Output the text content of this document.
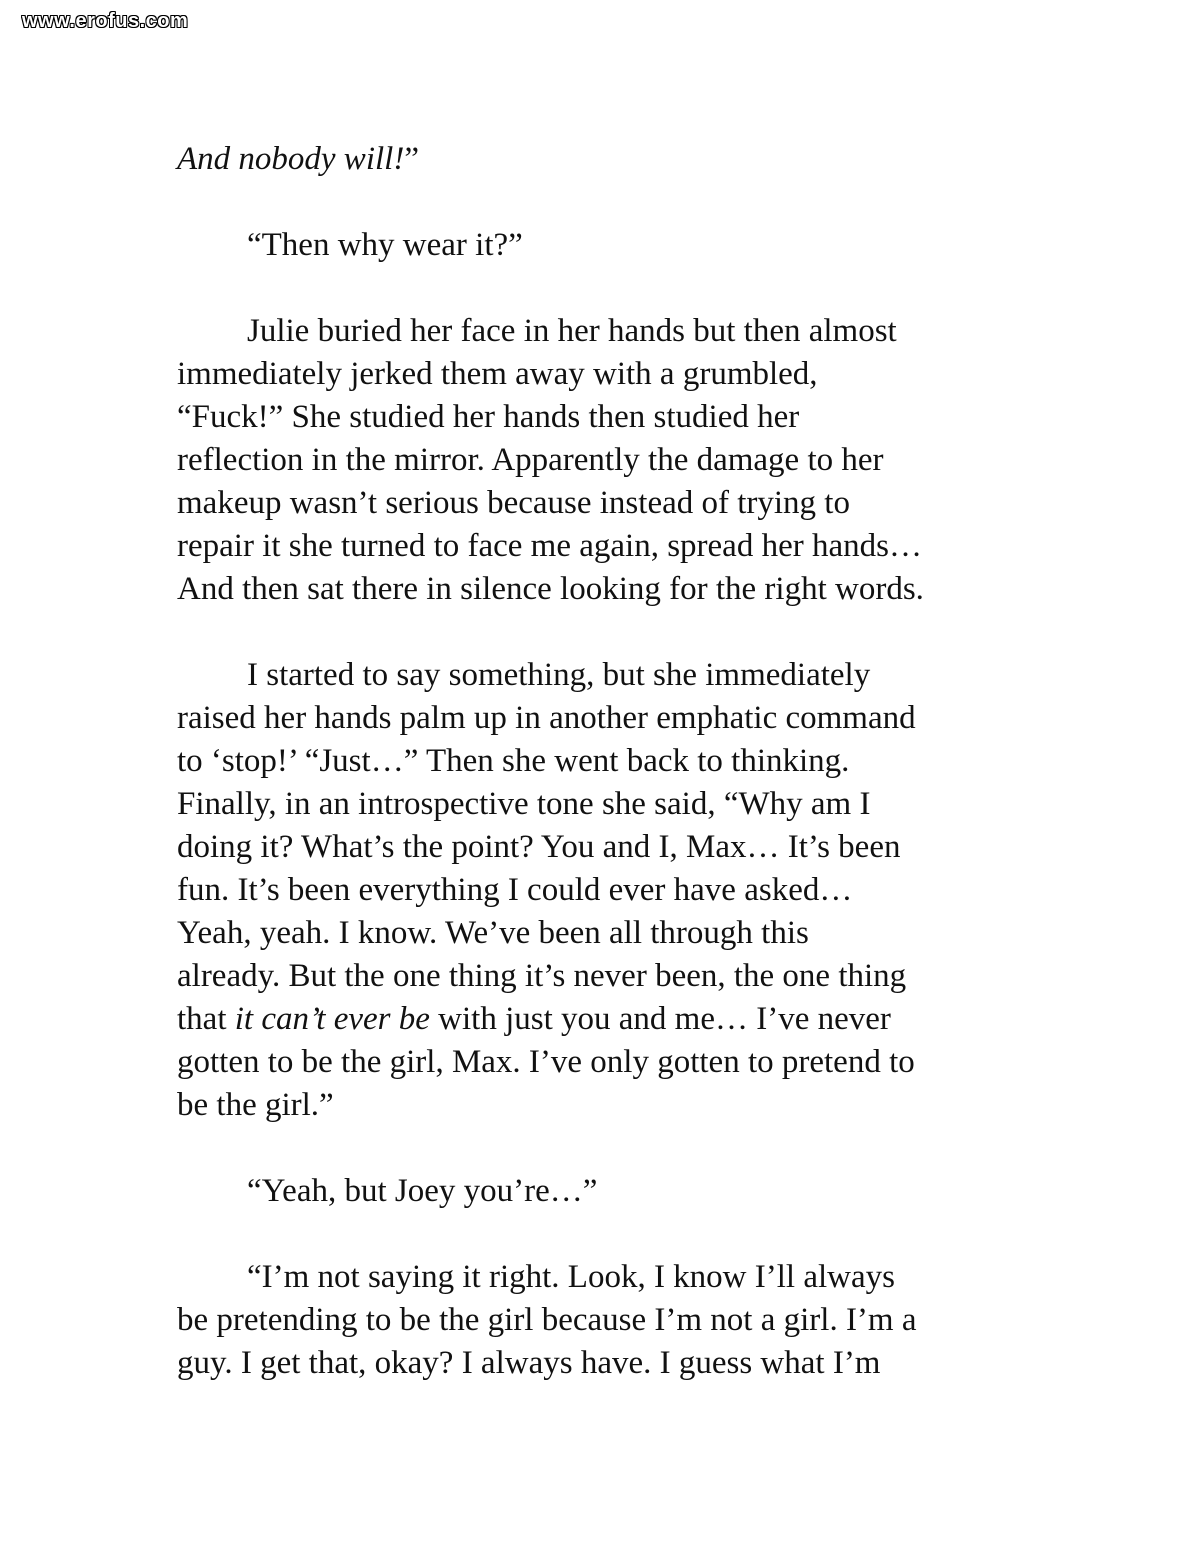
www.erofus.com

And nobody will!”

“Then why wear it?”

Julie buried her face in her hands but then almost
immediately jerked them away with a grumbled,
“Fuck!” She studied her hands then studied her
reflection in the mirror. Apparently the damage to her
makeup wasn’t serious because instead of trying to
repair it she turned to face me again, spread her hands…
And then sat there in silence looking for the right words.

I started to say something, but she immediately
raised her hands palm up in another emphatic command
to ‘stop!’ “Just…” Then she went back to thinking.
Finally, in an introspective tone she said, “Why am I
doing it? What’s the point? You and I, Max… It’s been
fun. It’s been everything I could ever have asked…
Yeah, yeah. I know. We’ve been all through this
already. But the one thing it’s never been, the one thing
that it can’t ever be with just you and me… I’ve never
gotten to be the girl, Max. I’ve only gotten to pretend to
be the girl.”

“Yeah, but Joey you’re…”

“I’m not saying it right. Look, I know I’ll always
be pretending to be the girl because I’m not a girl. I’m a
guy. I get that, okay? I always have. I guess what I’m
